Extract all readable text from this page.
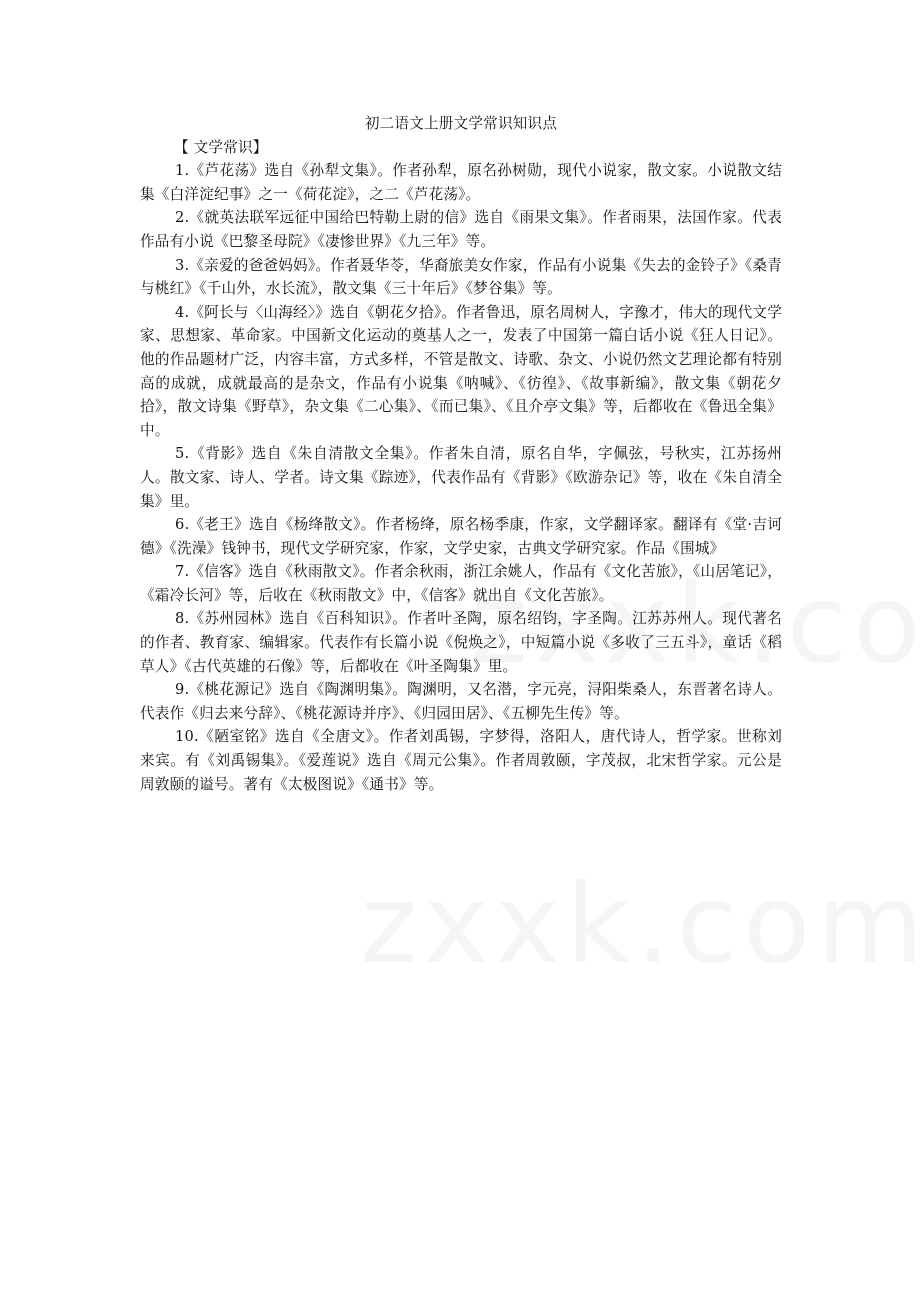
初二语文上册文学常识知识点

【 文学常识】

1.《芦花荡》选自《孙犁文集》。作者孙犁，原名孙树勋，现代小说家，散文家。小说散文结集《白洋淀纪事》之一《荷花淀》，之二《芦花荡》。

2.《就英法联军远征中国给巴特勒上尉的信》选自《雨果文集》。作者雨果，法国作家。代表作品有小说《巴黎圣母院》《凄惨世界》《九三年》等。

3.《亲爱的爸爸妈妈》。作者聂华苓，华裔旅美女作家，作品有小说集《失去的金铃子》《桑青与桃红》《千山外，水长流》，散文集《三十年后》《梦谷集》等。

4.《阿长与〈山海经〉》选自《朝花夕拾》。作者鲁迅，原名周树人，字豫才，伟大的现代文学家、思想家、革命家。中国新文化运动的奠基人之一，发表了中国第一篇白话小说《狂人日记》。他的作品题材广泛，内容丰富，方式多样，不管是散文、诗歌、杂文、小说仍然文艺理论都有特别高的成就，成就最高的是杂文，作品有小说集《呐喊》、《彷徨》、《故事新编》，散文集《朝花夕拾》，散文诗集《野草》，杂文集《二心集》、《而已集》、《且介亭文集》等，后都收在《鲁迅全集》中。

5.《背影》选自《朱自清散文全集》。作者朱自清，原名自华，字佩弦，号秋实，江苏扬州人。散文家、诗人、学者。诗文集《踪迹》，代表作品有《背影》《欧游杂记》等，收在《朱自清全集》里。

6.《老王》选自《杨绛散文》。作者杨绛，原名杨季康，作家，文学翻译家。翻译有《堂·吉诃德》《洗澡》钱钟书，现代文学研究家，作家，文学史家，古典文学研究家。作品《围城》

7.《信客》选自《秋雨散文》。作者余秋雨，浙江余姚人，作品有《文化苦旅》，《山居笔记》，《霜冷长河》等，后收在《秋雨散文》中，《信客》就出自《文化苦旅》。

8.《苏州园林》选自《百科知识》。作者叶圣陶，原名绍钧，字圣陶。江苏苏州人。现代著名的作者、教育家、编辑家。代表作有长篇小说《倪焕之》，中短篇小说《多收了三五斗》，童话《稻草人》《古代英雄的石像》等，后都收在《叶圣陶集》里。

9.《桃花源记》选自《陶渊明集》。陶渊明，又名潜，字元亮，浔阳柴桑人，东晋著名诗人。代表作《归去来兮辞》、《桃花源诗并序》、《归园田居》、《五柳先生传》等。

10.《陋室铭》选自《全唐文》。作者刘禹锡，字梦得，洛阳人，唐代诗人，哲学家。世称刘来宾。有《刘禹锡集》。《爱莲说》选自《周元公集》。作者周敦颐，字茂叔，北宋哲学家。元公是周敦颐的谥号。著有《太极图说》《通书》等。
